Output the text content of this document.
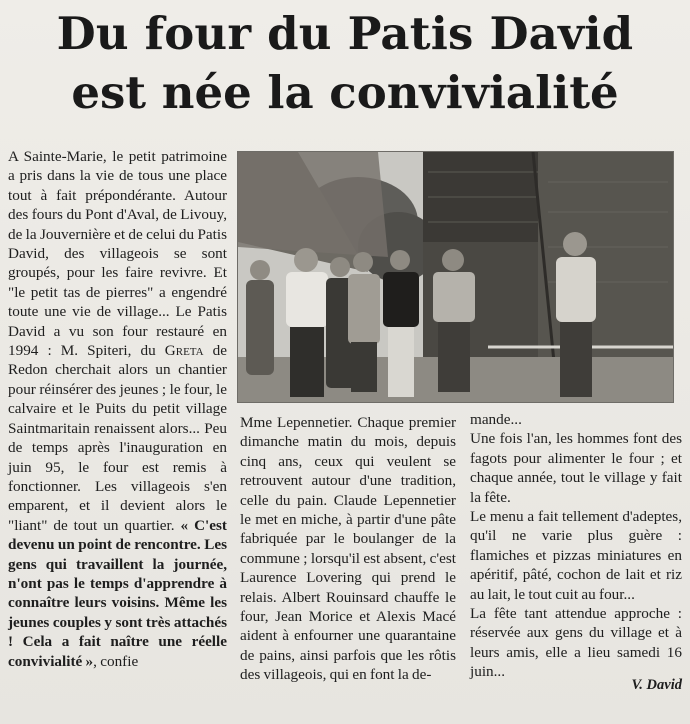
Du four du Patis David
est née la convivialité

A Sainte-Marie, le petit patrimoine a pris dans la vie de tous une place tout à fait prépondérante. Autour des fours du Pont d'Aval, de Livouy, de la Jouvernière et de celui du Patis David, des villageois se sont groupés, pour les faire revivre. Et "le petit tas de pierres" a engendré toute une vie de village... Le Patis David a vu son four restauré en 1994 : M. Spiteri, du Greta de Redon cherchait alors un chantier pour réinsérer des jeunes ; le four, le calvaire et le Puits du petit village Saintmaritain renaissent alors... Peu de temps après l'inauguration en juin 95, le four est remis à fonctionner. Les villageois s'en emparent, et il devient alors le "liant" de tout un quartier. « C'est devenu un point de rencontre. Les gens qui travaillent la journée, n'ont pas le temps d'apprendre à connaître leurs voisins. Même les jeunes couples y sont très attachés ! Cela a fait naître une réelle convivialité », confie

Mme Lepennetier. Chaque premier dimanche matin du mois, depuis cinq ans, ceux qui veulent se retrouvent autour d'une tradition, celle du pain. Claude Lepennetier le met en miche, à partir d'une pâte fabriquée par le boulanger de la commune ; lorsqu'il est absent, c'est Laurence Lovering qui prend le relais. Albert Rouinsard chauffe le four, Jean Morice et Alexis Macé aident à enfourner une quarantaine de pains, ainsi parfois que les rôtis des villageois, qui en font la de-

mande...

Une fois l'an, les hommes font des fagots pour alimenter le four ; et chaque année, tout le village y fait la fête.

Le menu a fait tellement d'adeptes, qu'il ne varie plus guère : flamiches et pizzas miniatures en apéritif, pâté, cochon de lait et riz au lait, le tout cuit au four...

La fête tant attendue approche : réservée aux gens du village et à leurs amis, elle a lieu samedi 16 juin...

V. David
